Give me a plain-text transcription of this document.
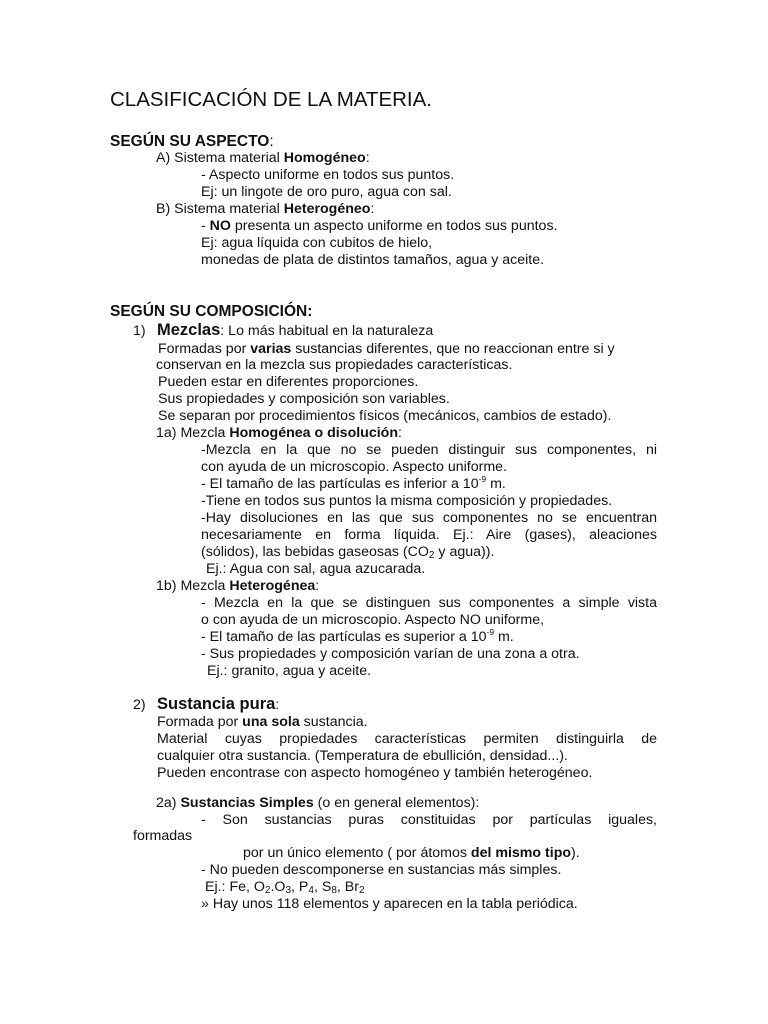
CLASIFICACIÓN DE LA MATERIA.
SEGÚN SU ASPECTO:
A) Sistema material Homogéneo:
- Aspecto uniforme en todos sus puntos.
Ej: un lingote de oro puro, agua con sal.
B) Sistema material Heterogéneo:
- NO presenta un aspecto uniforme en todos sus puntos.
Ej: agua líquida con cubitos de hielo,
monedas de plata de distintos tamaños, agua y aceite.
SEGÚN SU COMPOSICIÓN:
1) Mezclas: Lo más habitual en la naturaleza
Formadas por varias sustancias diferentes, que no reaccionan entre si y
conservan en la mezcla sus propiedades características.
Pueden estar en diferentes proporciones.
Sus propiedades y composición son variables.
Se separan por procedimientos físicos (mecánicos, cambios de estado).
1a) Mezcla Homogénea o disolución:
-Mezcla en la que no se pueden distinguir sus componentes, ni
con ayuda de un microscopio. Aspecto uniforme.
- El tamaño de las partículas es inferior a $10^{-9}$ m.
-Tiene en todos sus puntos la misma composición y propiedades.
-Hay disoluciones en las que sus componentes no se encuentran
necesariamente en forma líquida. Ej.: Aire (gases), aleaciones
(sólidos), las bebidas gaseosas ($CO_2$ y agua)).
Ej.: Agua con sal, agua azucarada.
1b) Mezcla Heterogénea:
- Mezcla en la que se distinguen sus componentes a simple vista
o con ayuda de un microscopio. Aspecto NO uniforme,
- El tamaño de las partículas es superior a $10^{-9}$ m.
- Sus propiedades y composición varían de una zona a otra.
Ej.: granito, agua y aceite.
2) Sustancia pura:
Formada por una sola sustancia.
Material cuyas propiedades características permiten distinguirla de
cualquier otra sustancia. (Temperatura de ebullición, densidad...).
Pueden encontrase con aspecto homogéneo y también heterogéneo.
2a) Sustancias Simples (o en general elementos):
- Son sustancias puras constituidas por partículas iguales,
formadas
por un único elemento ( por átomos del mismo tipo).
- No pueden descomponerse en sustancias más simples.
Ej.: Fe, $O_2.O_3$, $P_4$, $S_8$, $Br_2$
» Hay unos 118 elementos y aparecen en la tabla periódica.
